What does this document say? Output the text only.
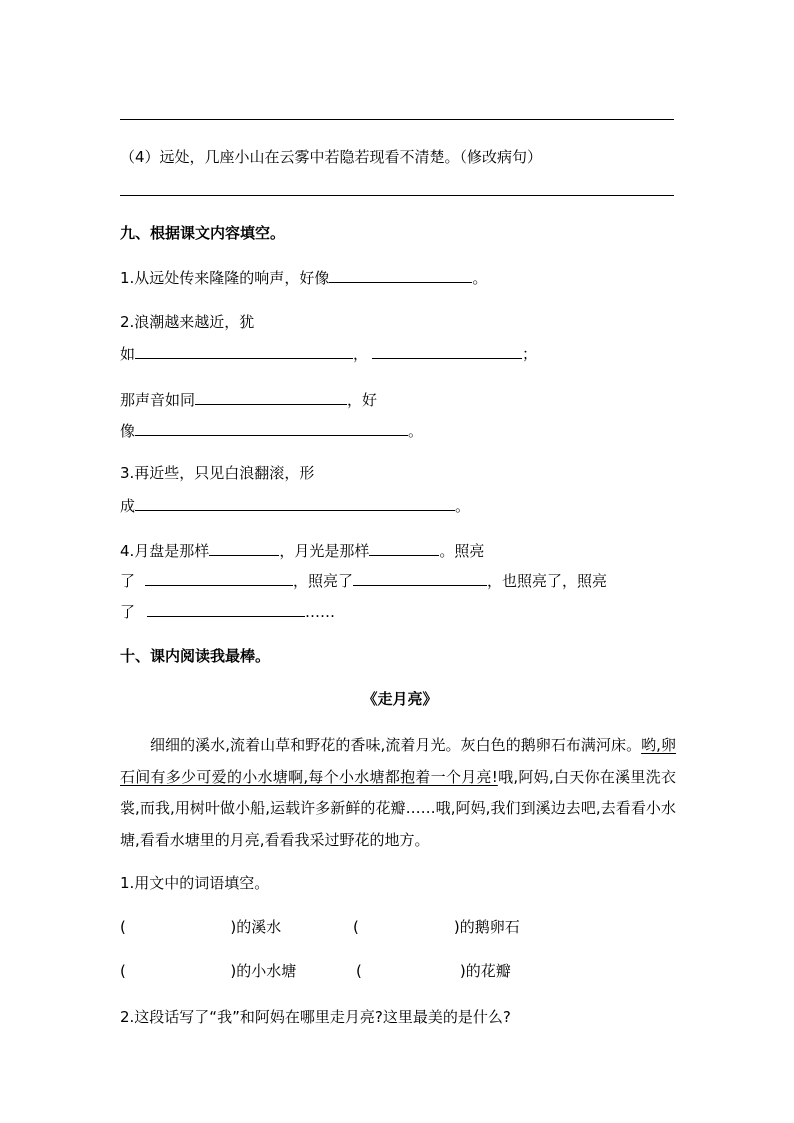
（4）远处，几座小山在云雾中若隐若现看不清楚。（修改病句）
九、根据课文内容填空。
1.从远处传来隆隆的响声，好像	。
2.浪潮越来越近，犹
如	，	；
那声音如同	，好
像	。
3.再近些，只见白浪翻滚，形
成	。
4.月盘是那样	，月光是那样	。照亮
了	，照亮了	，也照亮了，照亮
了	……
十、课内阅读我最棒。
《走月亮》
细细的溪水,流着山草和野花的香味,流着月光。灰白色的鹅卵石布满河床。哟,卵石间有多少可爱的小水塘啊,每个小水塘都抱着一个月亮!哦,阿妈,白天你在溪里洗衣裳,而我,用树叶做小船,运载许多新鲜的花瓣……哦,阿妈,我们到溪边去吧,去看看小水塘,看看水塘里的月亮,看看我采过野花的地方。
1.用文中的词语填空。
(	)的溪水	(	)的鹅卵石
(	)的小水塘	(	)的花瓣
2.这段话写了“我”和阿妈在哪里走月亮?这里最美的是什么?
